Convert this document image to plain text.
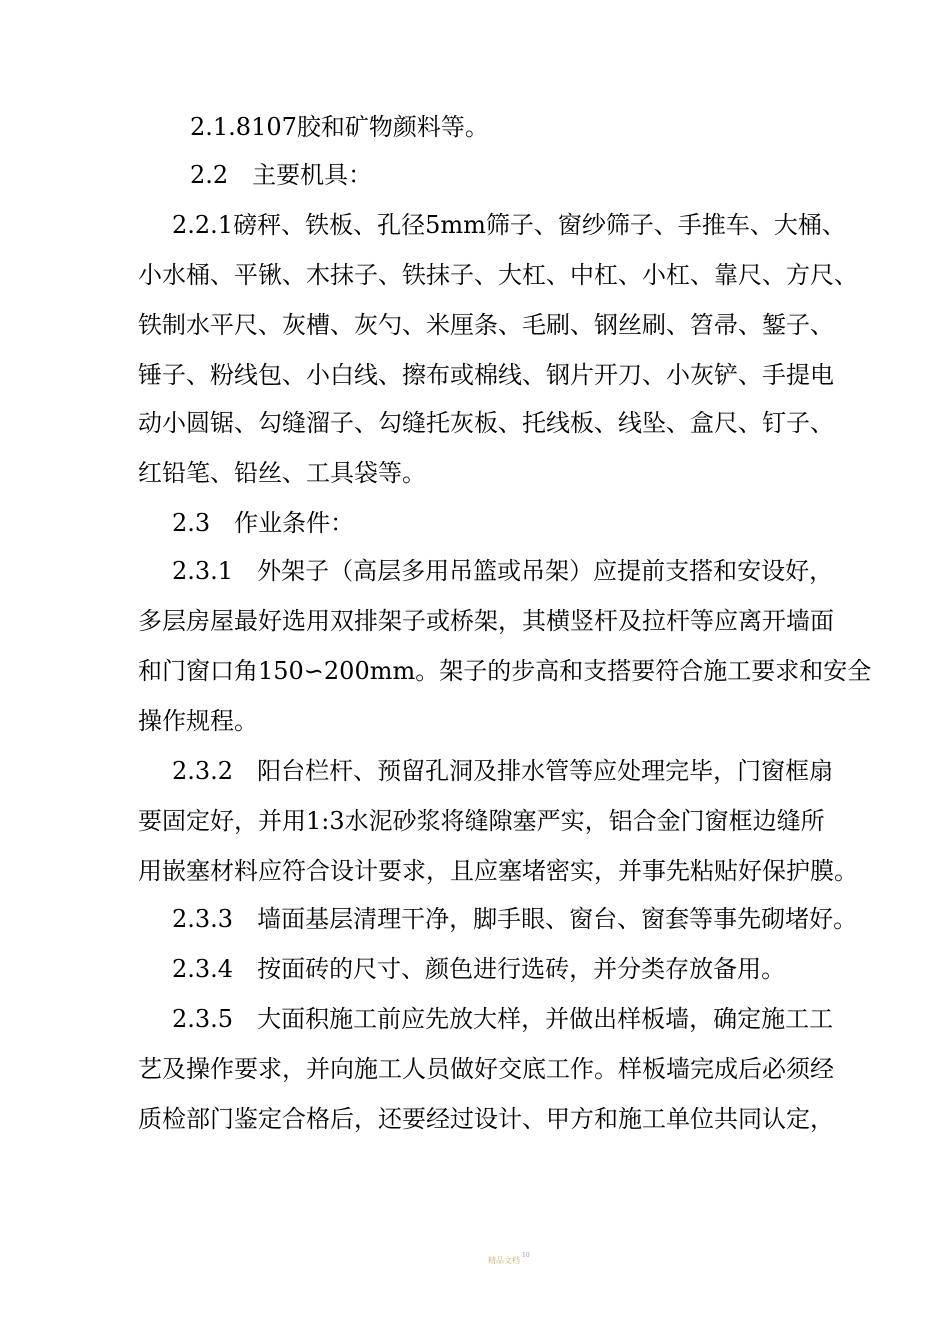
2.1.8107胶和矿物颜料等。
2.2　主要机具：
2.2.1磅秤、铁板、孔径5mm筛子、窗纱筛子、手推车、大桶、
小水桶、平锹、木抹子、铁抹子、大杠、中杠、小杠、靠尺、方尺、
铁制水平尺、灰槽、灰勺、米厘条、毛刷、钢丝刷、笤帚、錾子、
锤子、粉线包、小白线、擦布或棉线、钢片开刀、小灰铲、手提电
动小圆锯、勾缝溜子、勾缝托灰板、托线板、线坠、盒尺、钉子、
红铅笔、铅丝、工具袋等。
2.3　作业条件：
2.3.1　外架子（高层多用吊篮或吊架）应提前支搭和安设好，
多层房屋最好选用双排架子或桥架，其横竖杆及拉杆等应离开墙面
和门窗口角150∽200mm。架子的步高和支搭要符合施工要求和安全
操作规程。
2.3.2　阳台栏杆、预留孔洞及排水管等应处理完毕，门窗框扇
要固定好，并用1:3水泥砂浆将缝隙塞严实，铝合金门窗框边缝所
用嵌塞材料应符合设计要求，且应塞堵密实，并事先粘贴好保护膜。
2.3.3　墙面基层清理干净，脚手眼、窗台、窗套等事先砌堵好。
2.3.4　按面砖的尺寸、颜色进行选砖，并分类存放备用。
2.3.5　大面积施工前应先放大样，并做出样板墙，确定施工工
艺及操作要求，并向施工人员做好交底工作。样板墙完成后必须经
质检部门鉴定合格后，还要经过设计、甲方和施工单位共同认定，
精品文档$^{10}$
